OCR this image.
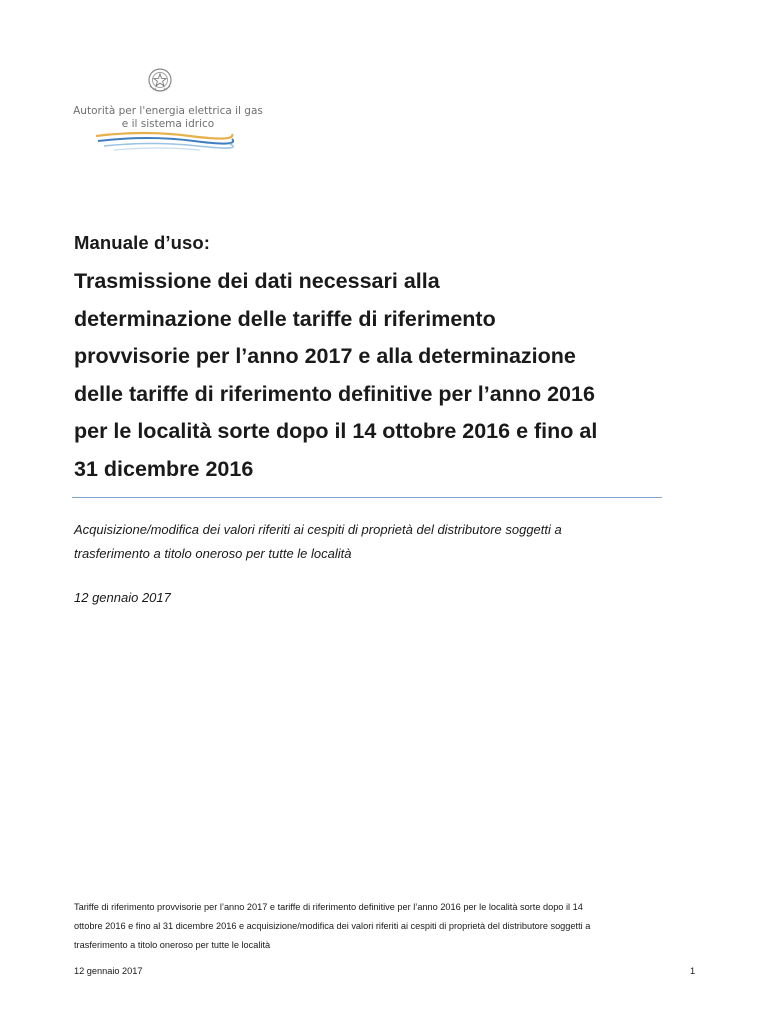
Autorità per l'energia elettrica il gas
e il sistema idrico
Manuale d’uso:
Trasmissione dei dati necessari alla
determinazione delle tariffe di riferimento
provvisorie per l’anno 2017 e alla determinazione
delle tariffe di riferimento definitive per l’anno 2016
per le località sorte dopo il 14 ottobre 2016 e fino al
31 dicembre 2016
Acquisizione/modifica dei valori riferiti ai cespiti di proprietà del distributore soggetti a
trasferimento a titolo oneroso per tutte le località
12 gennaio 2017
Tariffe di riferimento provvisorie per l’anno 2017 e tariffe di riferimento definitive per l’anno 2016 per le località sorte dopo il 14
ottobre 2016 e fino al 31 dicembre 2016 e acquisizione/modifica dei valori riferiti ai cespiti di proprietà del distributore soggetti a
trasferimento a titolo oneroso per tutte le località
12 gennaio 2017	1
